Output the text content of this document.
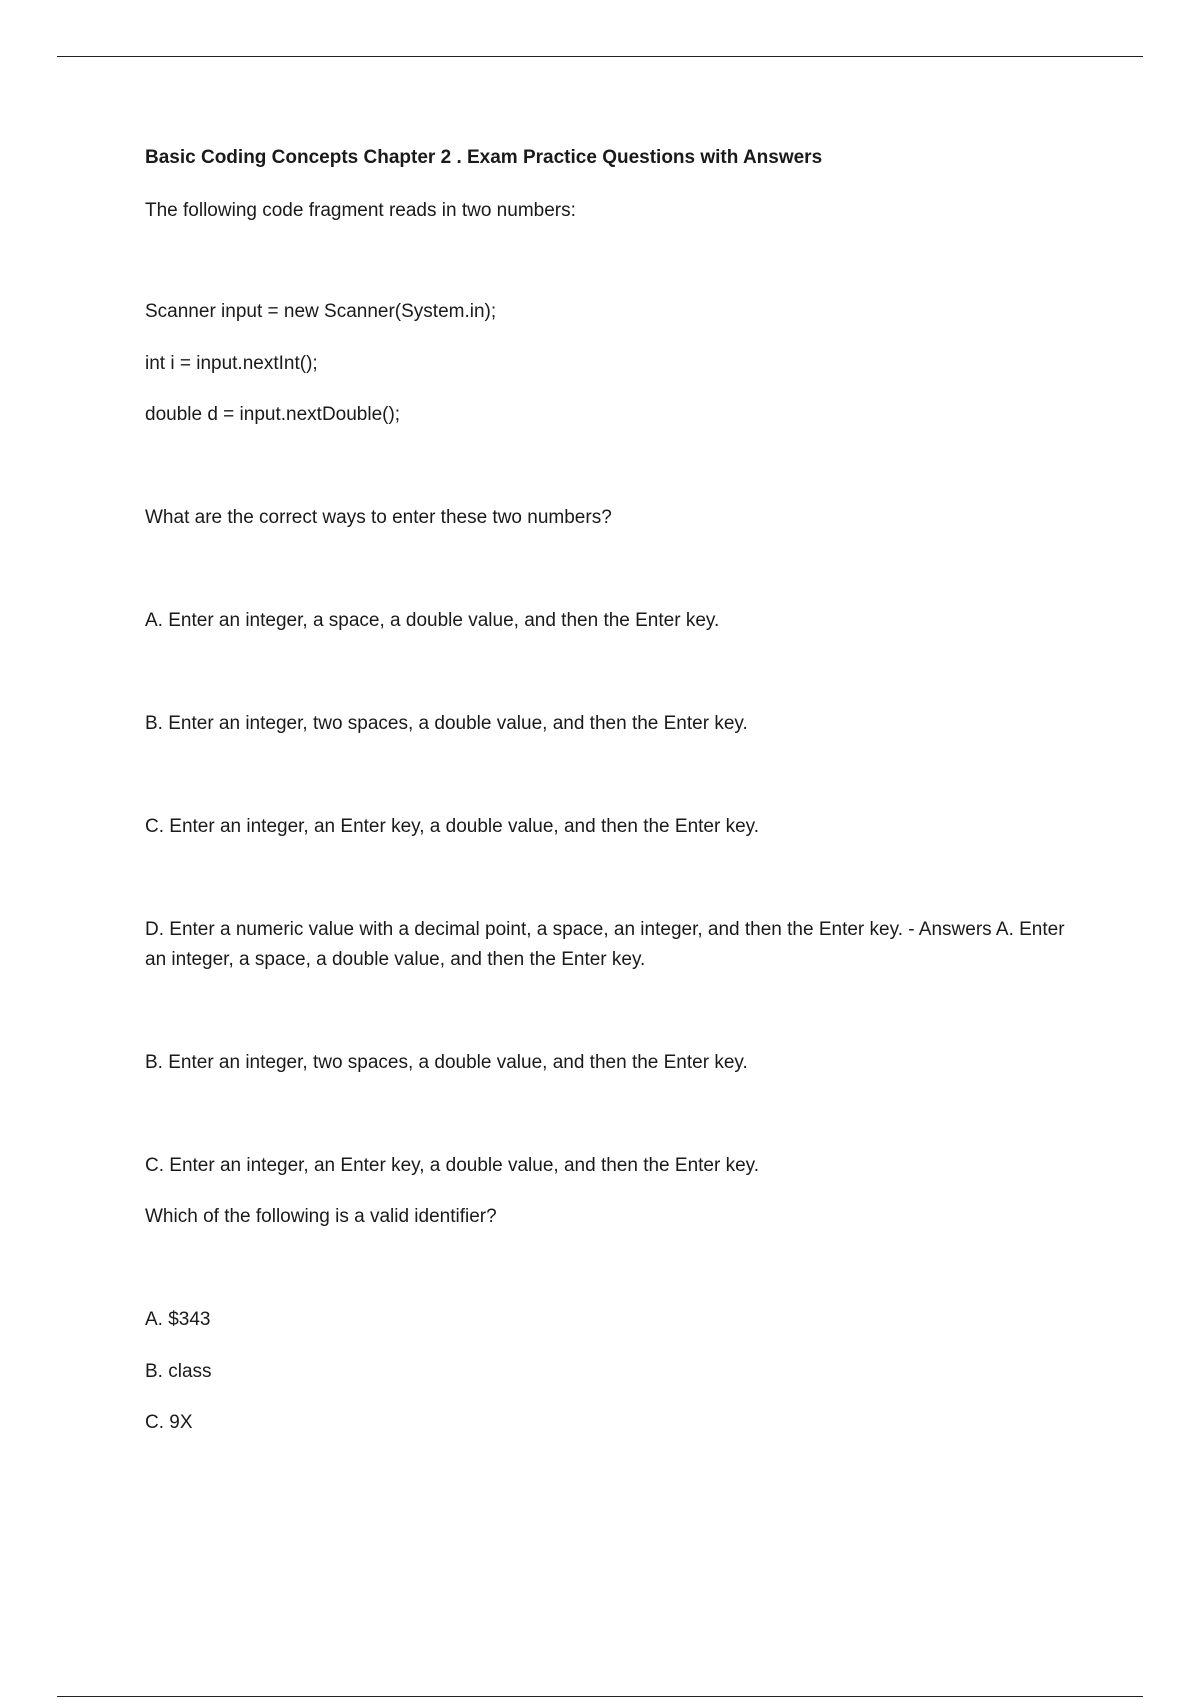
Basic Coding Concepts Chapter 2 . Exam Practice Questions with Answers
The following code fragment reads in two numbers:
Scanner input = new Scanner(System.in);
int i = input.nextInt();
double d = input.nextDouble();
What are the correct ways to enter these two numbers?
A. Enter an integer, a space, a double value, and then the Enter key.
B. Enter an integer, two spaces, a double value, and then the Enter key.
C. Enter an integer, an Enter key, a double value, and then the Enter key.
D. Enter a numeric value with a decimal point, a space, an integer, and then the Enter key. - Answers A. Enter an integer, a space, a double value, and then the Enter key.
B. Enter an integer, two spaces, a double value, and then the Enter key.
C. Enter an integer, an Enter key, a double value, and then the Enter key.
Which of the following is a valid identifier?
A. $343
B. class
C. 9X
